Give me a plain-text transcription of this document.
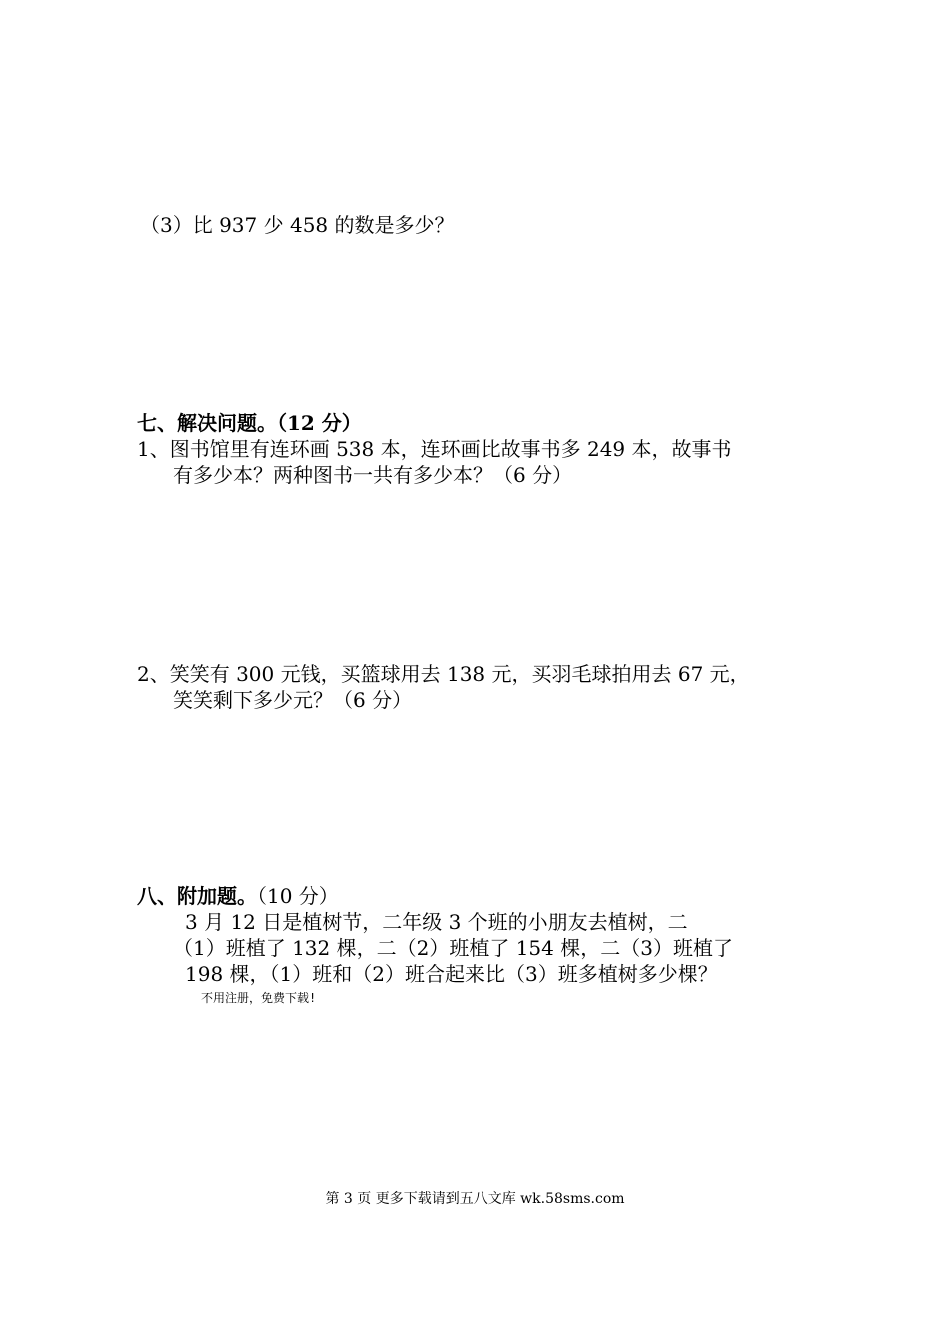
（3）比 937 少 458 的数是多少？
七、解决问题。（12 分）
1、图书馆里有连环画 538 本，连环画比故事书多 249 本，故事书
有多少本？两种图书一共有多少本？（6 分）
2、笑笑有 300 元钱，买篮球用去 138 元，买羽毛球拍用去 67 元，
笑笑剩下多少元？（6 分）
八、附加题。（10 分）
3 月 12 日是植树节，二年级 3 个班的小朋友去植树，二
（1）班植了 132 棵，二（2）班植了 154 棵，二（3）班植了
198 棵，（1）班和（2）班合起来比（3）班多植树多少棵？
不用注册，免费下载!
第 3 页 更多下载请到五八文库 wk.58sms.com
